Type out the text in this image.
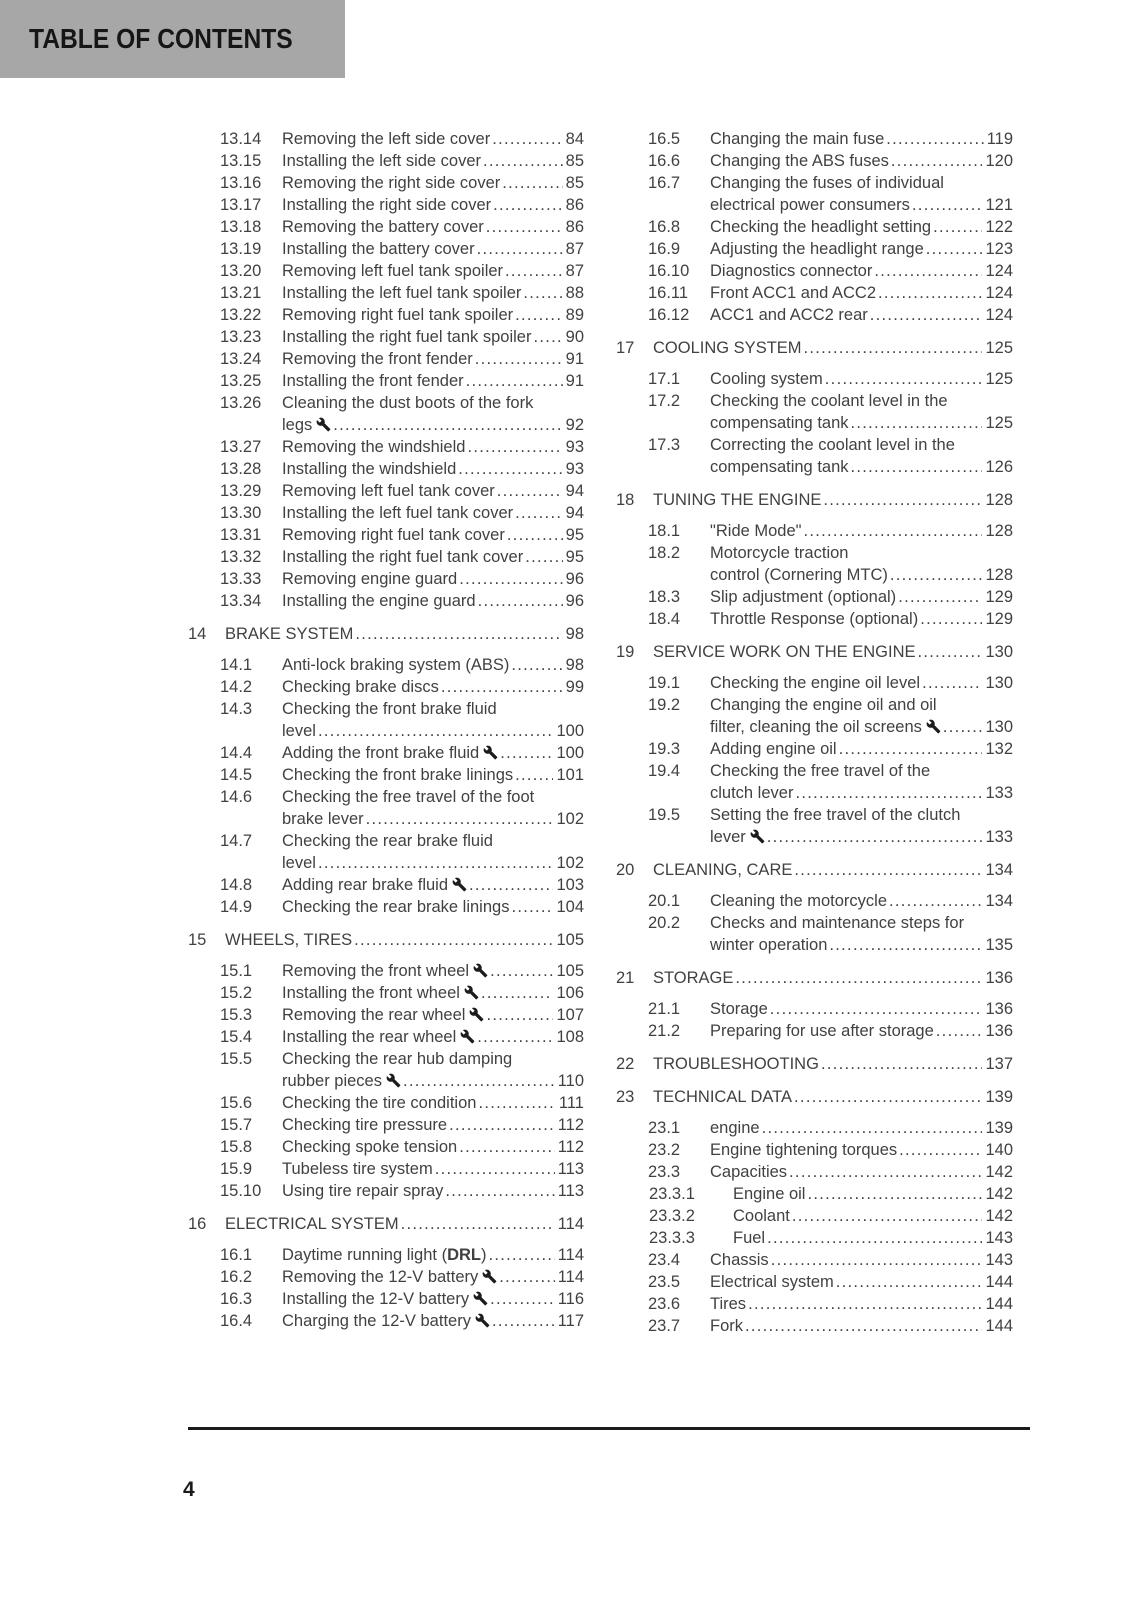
TABLE OF CONTENTS
13.14	Removing the left side cover .....	84
13.15	Installing the left side cover .....	85
13.16	Removing the right side cover .....	85
13.17	Installing the right side cover .....	86
13.18	Removing the battery cover .....	86
13.19	Installing the battery cover .....	87
13.20	Removing left fuel tank spoiler .....	87
13.21	Installing the left fuel tank spoiler .....	88
13.22	Removing right fuel tank spoiler .....	89
13.23	Installing the right fuel tank spoiler ..... 90
13.24	Removing the front fender .....	91
13.25	Installing the front fender .....	91
13.26	Cleaning the dust boots of the fork
legs .....	92
13.27	Removing the windshield .....	93
13.28	Installing the windshield .....	93
13.29	Removing left fuel tank cover .....	94
13.30	Installing the left fuel tank cover .....	94
13.31	Removing right fuel tank cover .....	95
13.32	Installing the right fuel tank cover .....	95
13.33	Removing engine guard .....	96
13.34	Installing the engine guard .....	96
14	BRAKE SYSTEM .....	98
14.1	Anti-lock braking system (ABS) .....	98
14.2	Checking brake discs .....	99
14.3	Checking the front brake fluid
level .....	100
14.4	Adding the front brake fluid .....	100
14.5	Checking the front brake linings .....	101
14.6	Checking the free travel of the foot
brake lever .....	102
14.7	Checking the rear brake fluid
level .....	102
14.8	Adding rear brake fluid .....	103
14.9	Checking the rear brake linings .....	104
15	WHEELS, TIRES .....	105
15.1	Removing the front wheel .....	105
15.2	Installing the front wheel .....	106
15.3	Removing the rear wheel .....	107
15.4	Installing the rear wheel .....	108
15.5	Checking the rear hub damping
rubber pieces .....	110
15.6	Checking the tire condition .....	111
15.7	Checking tire pressure .....	112
15.8	Checking spoke tension .....	112
15.9	Tubeless tire system .....	113
15.10	Using tire repair spray .....	113
16	ELECTRICAL SYSTEM .....	114
16.1	Daytime running light ( DRL ) .....	114
16.2	Removing the 12-V battery .....	114
16.3	Installing the 12-V battery .....	116
16.4	Charging the 12-V battery .....	117
16.5	Changing the main fuse .....	119
16.6	Changing the ABS fuses .....	120
16.7	Changing the fuses of individual
electrical power consumers .....	121
16.8	Checking the headlight setting .....	122
16.9	Adjusting the headlight range .....	123
16.10	Diagnostics connector .....	124
16.11	Front ACC1 and ACC2 .....	124
16.12	ACC1 and ACC2 rear .....	124
17	COOLING SYSTEM .....	125
17.1	Cooling system .....	125
17.2	Checking the coolant level in the
compensating tank .....	125
17.3	Correcting the coolant level in the
compensating tank .....	126
18	TUNING THE ENGINE .....	128
18.1	"Ride Mode" .....	128
18.2	Motorcycle traction
control (Cornering MTC) .....	128
18.3	Slip adjustment (optional) .....	129
18.4	Throttle Response (optional) .....	129
19	SERVICE WORK ON THE ENGINE .....	130
19.1	Checking the engine oil level .....	130
19.2	Changing the engine oil and oil
filter, cleaning the oil screens .....	130
19.3	Adding engine oil .....	132
19.4	Checking the free travel of the
clutch lever .....	133
19.5	Setting the free travel of the clutch
lever .....	133
20	CLEANING, CARE .....	134
20.1	Cleaning the motorcycle .....	134
20.2	Checks and maintenance steps for
winter operation .....	135
21	STORAGE .....	136
21.1	Storage .....	136
21.2	Preparing for use after storage .....	136
22	TROUBLESHOOTING .....	137
23	TECHNICAL DATA .....	139
23.1	engine .....	139
23.2	Engine tightening torques .....	140
23.3	Capacities .....	142
23.3.1	Engine oil .....	142
23.3.2	Coolant .....	142
23.3.3	Fuel .....	143
23.4	Chassis .....	143
23.5	Electrical system .....	144
23.6	Tires .....	144
23.7	Fork .....	144
4
